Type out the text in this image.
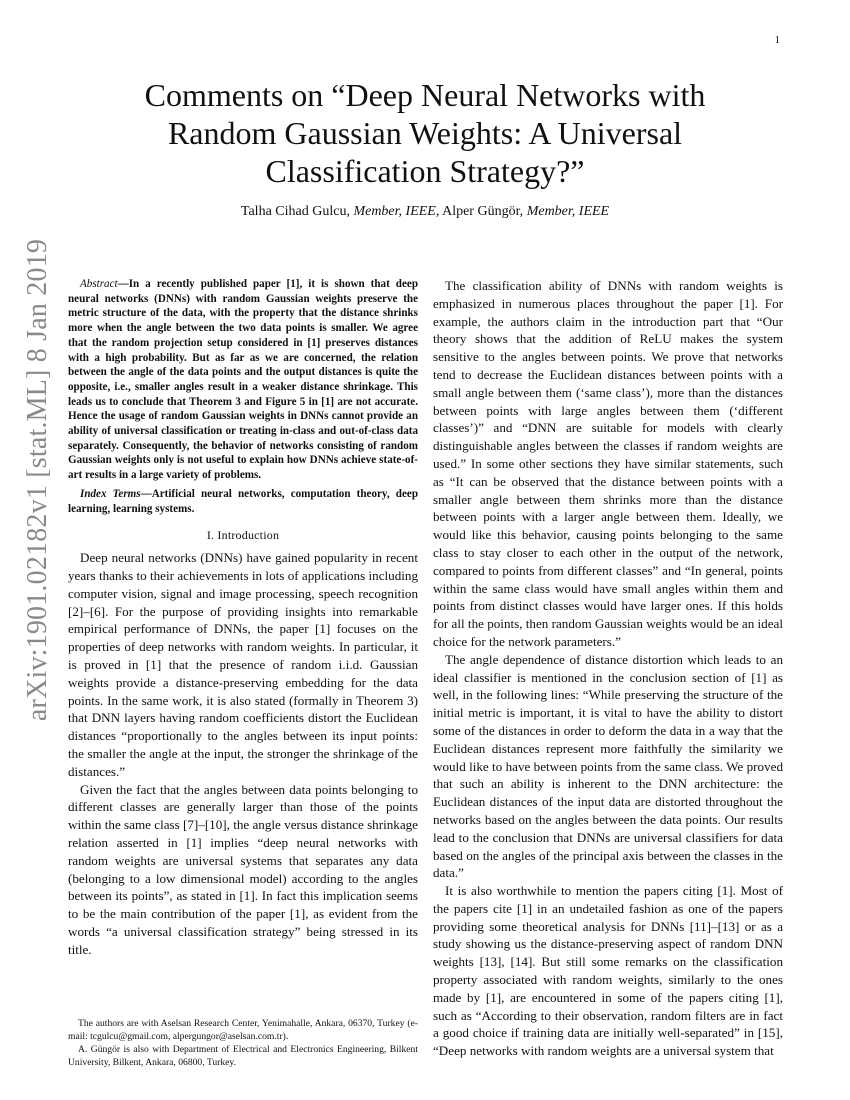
1
arXiv:1901.02182v1 [stat.ML] 8 Jan 2019
Comments on “Deep Neural Networks with Random Gaussian Weights: A Universal Classification Strategy?”
Talha Cihad Gulcu, Member, IEEE, Alper Güngör, Member, IEEE

Abstract—In a recently published paper [1], it is shown that deep neural networks (DNNs) with random Gaussian weights preserve the metric structure of the data, with the property that the distance shrinks more when the angle between the two data points is smaller. We agree that the random projection setup considered in [1] preserves distances with a high probability. But as far as we are concerned, the relation between the angle of the data points and the output distances is quite the opposite, i.e., smaller angles result in a weaker distance shrinkage. This leads us to conclude that Theorem 3 and Figure 5 in [1] are not accurate. Hence the usage of random Gaussian weights in DNNs cannot provide an ability of universal classification or treating in-class and out-of-class data separately. Consequently, the behavior of networks consisting of random Gaussian weights only is not useful to explain how DNNs achieve state-of-art results in a large variety of problems.

Index Terms—Artificial neural networks, computation theory, deep learning, learning systems.

I. Introduction

Deep neural networks (DNNs) have gained popularity in recent years thanks to their achievements in lots of applications including computer vision, signal and image processing, speech recognition [2]–[6]. For the purpose of providing insights into remarkable empirical performance of DNNs, the paper [1] focuses on the properties of deep networks with random weights. In particular, it is proved in [1] that the presence of random i.i.d. Gaussian weights provide a distance-preserving embedding for the data points. In the same work, it is also stated (formally in Theorem 3) that DNN layers having random coefficients distort the Euclidean distances “proportionally to the angles between its input points: the smaller the angle at the input, the stronger the shrinkage of the distances.”

Given the fact that the angles between data points belonging to different classes are generally larger than those of the points within the same class [7]–[10], the angle versus distance shrinkage relation asserted in [1] implies “deep neural networks with random weights are universal systems that separates any data (belonging to a low dimensional model) according to the angles between its points”, as stated in [1]. In fact this implication seems to be the main contribution of the paper [1], as evident from the words “a universal classification strategy” being stressed in its title.

The authors are with Aselsan Research Center, Yenimahalle, Ankara, 06370, Turkey (e-mail: tcgulcu@gmail.com, alpergungor@aselsan.com.tr).

A. Güngör is also with Department of Electrical and Electronics Engineering, Bilkent University, Bilkent, Ankara, 06800, Turkey.

The classification ability of DNNs with random weights is emphasized in numerous places throughout the paper [1]. For example, the authors claim in the introduction part that “Our theory shows that the addition of ReLU makes the system sensitive to the angles between points. We prove that networks tend to decrease the Euclidean distances between points with a small angle between them (‘same class’), more than the distances between points with large angles between them (‘different classes’)” and “DNN are suitable for models with clearly distinguishable angles between the classes if random weights are used.” In some other sections they have similar statements, such as “It can be observed that the distance between points with a smaller angle between them shrinks more than the distance between points with a larger angle between them. Ideally, we would like this behavior, causing points belonging to the same class to stay closer to each other in the output of the network, compared to points from different classes” and “In general, points within the same class would have small angles within them and points from distinct classes would have larger ones. If this holds for all the points, then random Gaussian weights would be an ideal choice for the network parameters.”

The angle dependence of distance distortion which leads to an ideal classifier is mentioned in the conclusion section of [1] as well, in the following lines: “While preserving the structure of the initial metric is important, it is vital to have the ability to distort some of the distances in order to deform the data in a way that the Euclidean distances represent more faithfully the similarity we would like to have between points from the same class. We proved that such an ability is inherent to the DNN architecture: the Euclidean distances of the input data are distorted throughout the networks based on the angles between the data points. Our results lead to the conclusion that DNNs are universal classifiers for data based on the angles of the principal axis between the classes in the data.”

It is also worthwhile to mention the papers citing [1]. Most of the papers cite [1] in an undetailed fashion as one of the papers providing some theoretical analysis for DNNs [11]–[13] or as a study showing us the distance-preserving aspect of random DNN weights [13], [14]. But still some remarks on the classification property associated with random weights, similarly to the ones made by [1], are encountered in some of the papers citing [1], such as “According to their observation, random filters are in fact a good choice if training data are initially well-separated” in [15], “Deep networks with random weights are a universal system that
